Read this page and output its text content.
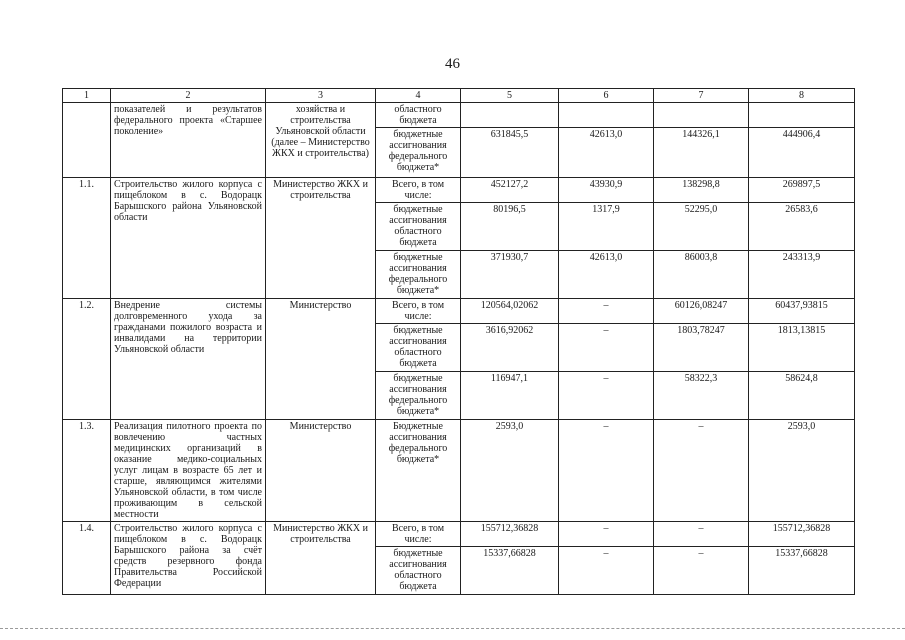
46
1	2	3	4	5	6	7	8
	показателей и результатов федерального проекта «Старшее поколение»	хозяйства и строительства Ульяновской области (далее – Министерство ЖКХ и строительства)	областного бюджета				
			бюджетные ассигнования федерального бюджета*	631845,5	42613,0	144326,1	444906,4
1.1.	Строительство жилого корпуса с пищеблоком в с. Водорацк Барышского района Ульяновской области	Министерство ЖКХ и строительства	Всего, в том числе:	452127,2	43930,9	138298,8	269897,5
			бюджетные ассигнования областного бюджета	80196,5	1317,9	52295,0	26583,6
			бюджетные ассигнования федерального бюджета*	371930,7	42613,0	86003,8	243313,9
1.2.	Внедрение системы долговременного ухода за гражданами пожилого возраста и инвалидами на территории Ульяновской области	Министерство	Всего, в том числе:	120564,02062	–	60126,08247	60437,93815
			бюджетные ассигнования областного бюджета	3616,92062	–	1803,78247	1813,13815
			бюджетные ассигнования федерального бюджета*	116947,1	–	58322,3	58624,8
1.3.	Реализация пилотного проекта по вовлечению частных медицинских организаций в оказание медико-социальных услуг лицам в возрасте 65 лет и старше, являющимся жителями Ульяновской области, в том числе проживающим в сельской местности	Министерство	Бюджетные ассигнования федерального бюджета*	2593,0	–	–	2593,0
1.4.	Строительство жилого корпуса с пищеблоком в с. Водорацк Барышского района за счёт средств резервного фонда Правительства Российской Федерации	Министерство ЖКХ и строительства	Всего, в том числе:	155712,36828	–	–	155712,36828
			бюджетные ассигнования областного бюджета	15337,66828	–	–	15337,66828
